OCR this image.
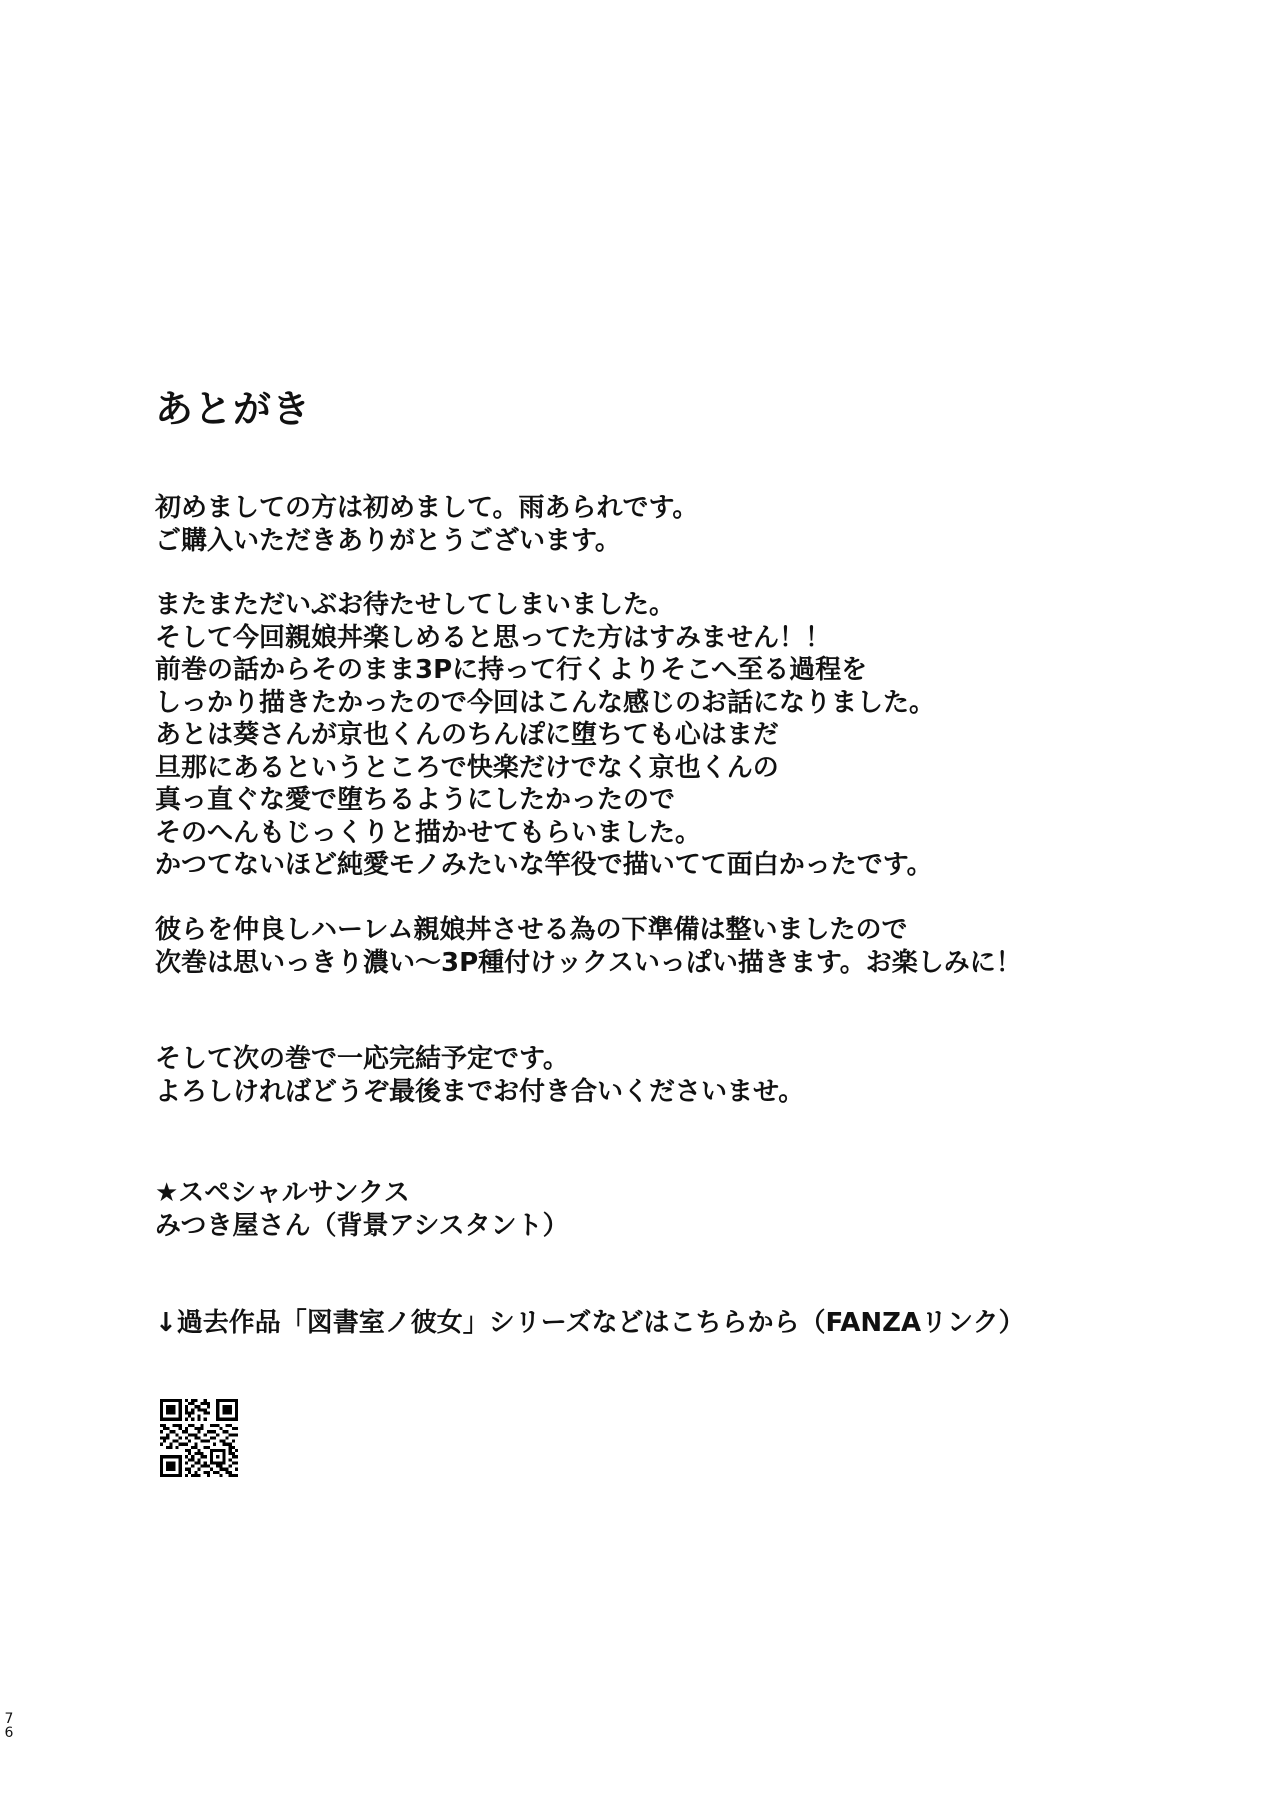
あとがき
初めましての方は初めまして。雨あられです。
ご購入いただきありがとうございます。
またまただいぶお待たせしてしまいました。
そして今回親娘丼楽しめると思ってた方はすみません！！
前巻の話からそのまま3Pに持って行くよりそこへ至る過程を
しっかり描きたかったので今回はこんな感じのお話になりました。
あとは葵さんが京也くんのちんぽに堕ちても心はまだ
旦那にあるというところで快楽だけでなく京也くんの
真っ直ぐな愛で堕ちるようにしたかったので
そのへんもじっくりと描かせてもらいました。
かつてないほど純愛モノみたいな竿役で描いてて面白かったです。
彼らを仲良しハーレム親娘丼させる為の下準備は整いましたので
次巻は思いっきり濃い〜3P種付けックスいっぱい描きます。お楽しみに！
そして次の巻で一応完結予定です。
よろしければどうぞ最後までお付き合いくださいませ。
★スペシャルサンクス
みつき屋さん（背景アシスタント）
↓過去作品「図書室ノ彼女」シリーズなどはこちらから（FANZAリンク）
7
6
